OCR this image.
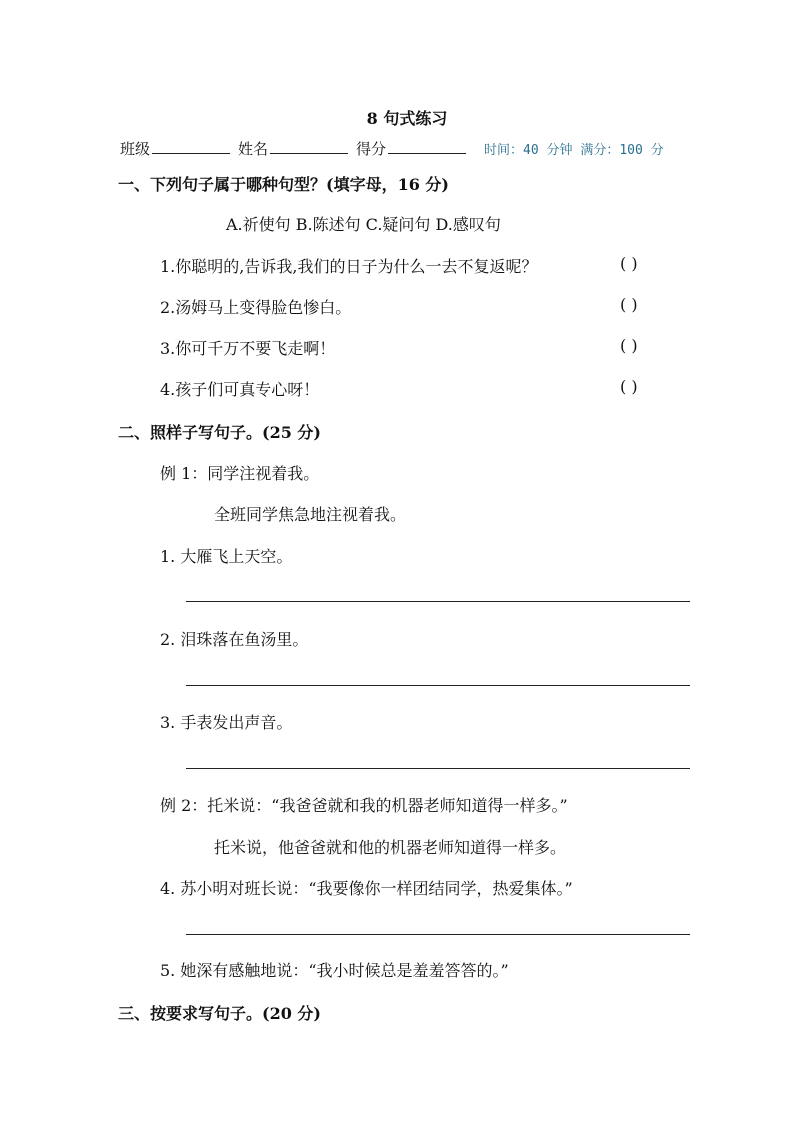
8 句式练习
班级	姓名	得分	时间：40 分钟 满分：100 分
一、下列句子属于哪种句型？(填字母，16 分)
A.祈使句 B.陈述句 C.疑问句 D.感叹句
1.你聪明的,告诉我,我们的日子为什么一去不复返呢？	( )
2.汤姆马上变得脸色惨白。	( )
3.你可千万不要飞走啊！	( )
4.孩子们可真专心呀！	( )
二、照样子写句子。(25 分)
例 1：同学注视着我。
全班同学焦急地注视着我。
1. 大雁飞上天空。
2. 泪珠落在鱼汤里。
3. 手表发出声音。
例 2：托米说：“我爸爸就和我的机器老师知道得一样多。”
托米说，他爸爸就和他的机器老师知道得一样多。
4. 苏小明对班长说：“我要像你一样团结同学，热爱集体。”
5. 她深有感触地说：“我小时候总是羞羞答答的。”
三、按要求写句子。(20 分)
